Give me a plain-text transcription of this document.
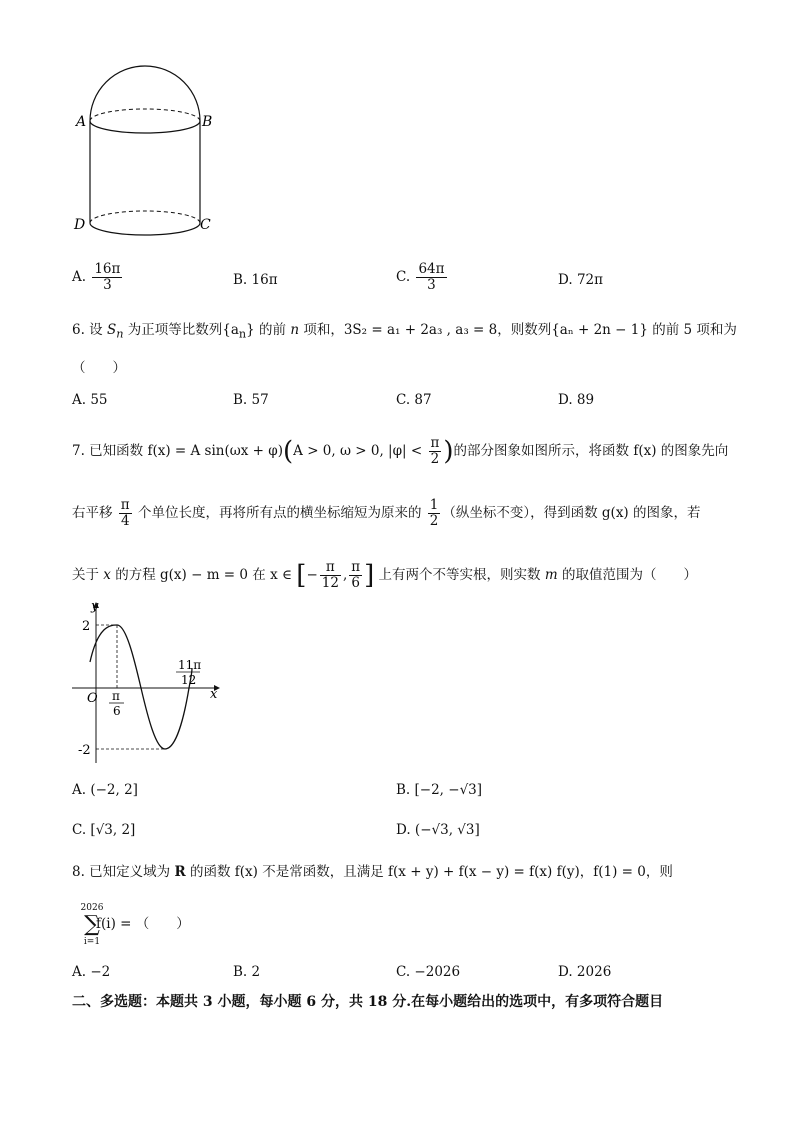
A	B
D	C
A. $\frac{16\pi}{3}$	B. 16π	C. $\frac{64\pi}{3}$	D. 72π
6. 设 $S_n$ 为正项等比数列$\{a_n\}$ 的前 n 项和，3S₂ = a₁ + 2a₃ , a₃ = 8，则数列{aₙ + 2n − 1} 的前 5 项和为
（　　）
A. 55	B. 57	C. 87	D. 89
7. 已知函数 f(x) = A sin(ωx + φ)(A > 0, ω > 0, $|\varphi| < \frac{\pi}{2}$ )的部分图象如图所示，将函数 f(x) 的图象先向
右平移 $\frac{\pi}{4}$ 个单位长度，再将所有点的横坐标缩短为原来的 $\frac{1}{2}$ （纵坐标不变），得到函数 g(x) 的图象，若
关于 x 的方程 g(x) − m = 0 在 x ∈ [− $\frac{\pi}{12}$ , $\frac{\pi}{6}$ ] 上有两个不等实根，则实数 m 的取值范围为（　　）
y
x
O
2
-2
π
6
11π
12
A. (−2, 2]	B. [−2, −√3]
C. [√3, 2]	D. (−√3, √3]
8. 已知定义域为 R 的函数 f(x) 不是常函数，且满足 f(x + y) + f(x − y) = f(x) f(y)，f(1) = 0，则
2026
∑
i=1
f(i) = （　　）
A. −2	B. 2	C. −2026	D. 2026
二、多选题：本题共 3 小题，每小题 6 分，共 18 分.在每小题给出的选项中，有多项符合题目
